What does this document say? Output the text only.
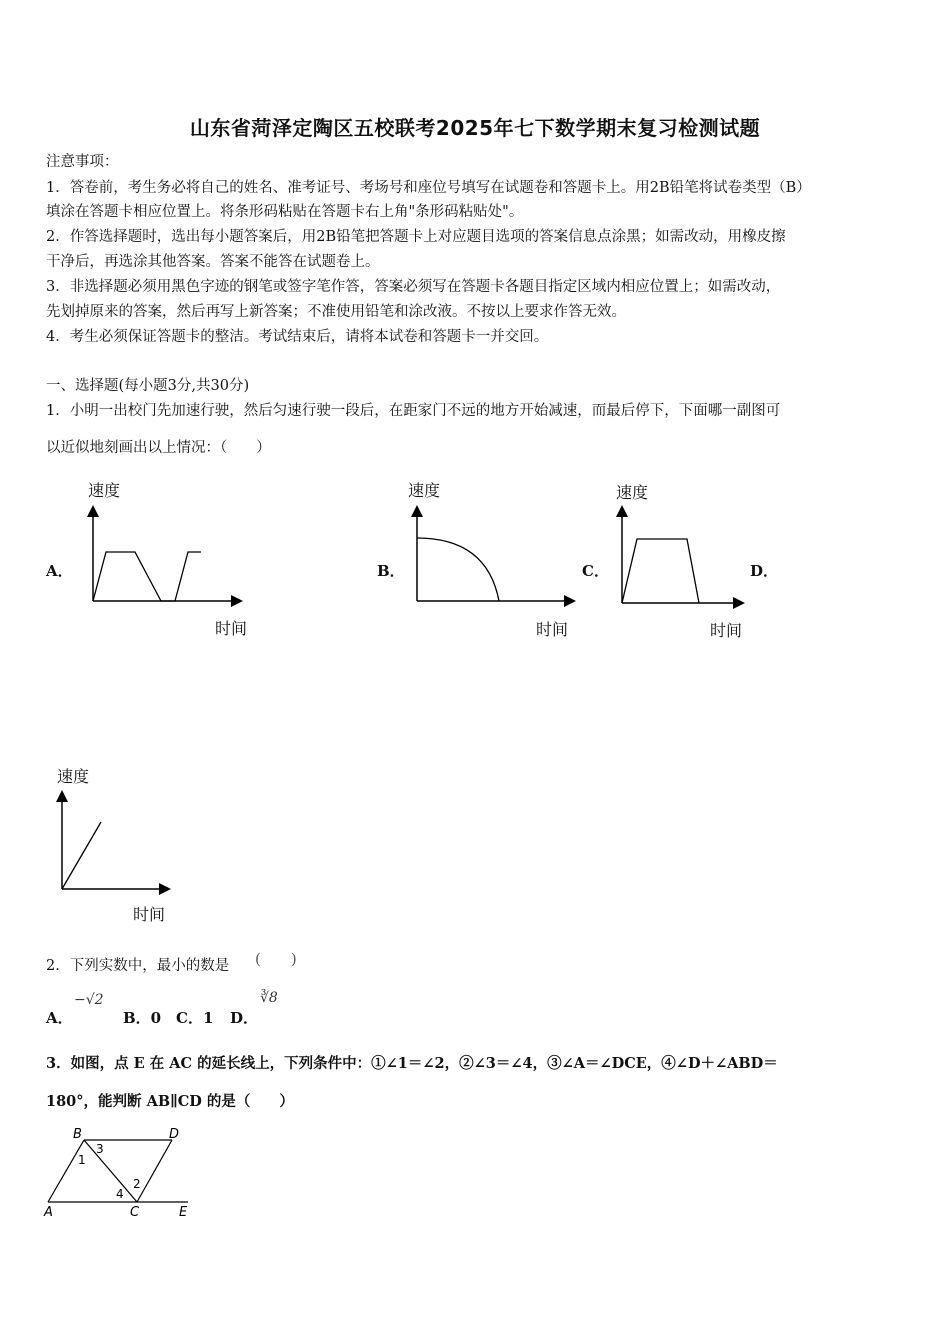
山东省菏泽定陶区五校联考2025年七下数学期末复习检测试题
注意事项：
1．答卷前，考生务必将自己的姓名、准考证号、考场号和座位号填写在试题卷和答题卡上。用2B铅笔将试卷类型（B）
填涂在答题卡相应位置上。将条形码粘贴在答题卡右上角"条形码粘贴处"。
2．作答选择题时，选出每小题答案后，用2B铅笔把答题卡上对应题目选项的答案信息点涂黑；如需改动，用橡皮擦
干净后，再选涂其他答案。答案不能答在试题卷上。
3．非选择题必须用黑色字迹的钢笔或签字笔作答，答案必须写在答题卡各题目指定区域内相应位置上；如需改动，
先划掉原来的答案，然后再写上新答案；不准使用铅笔和涂改液。不按以上要求作答无效。
4．考生必须保证答题卡的整洁。考试结束后，请将本试卷和答题卡一并交回。
一、选择题(每小题3分,共30分)
1．小明一出校门先加速行驶，然后匀速行驶一段后，在距家门不远的地方开始减速，而最后停下，下面哪一副图可
以近似地刻画出以上情况：（　　）
速度
时间
A．
速度
时间
B．
速度
时间
C．	D．
速度
时间
2．下列实数中，最小的数是 (　　)
A．
−√2
B．0 C．1 D．
∛8
3．如图，点 E 在 AC 的延长线上，下列条件中：①∠1＝∠2，②∠3＝∠4，③∠A＝∠DCE，④∠D＋∠ABD＝
180°，能判断 AB∥CD 的是（　　）
B	D
A	C	E
1
3
2
4
